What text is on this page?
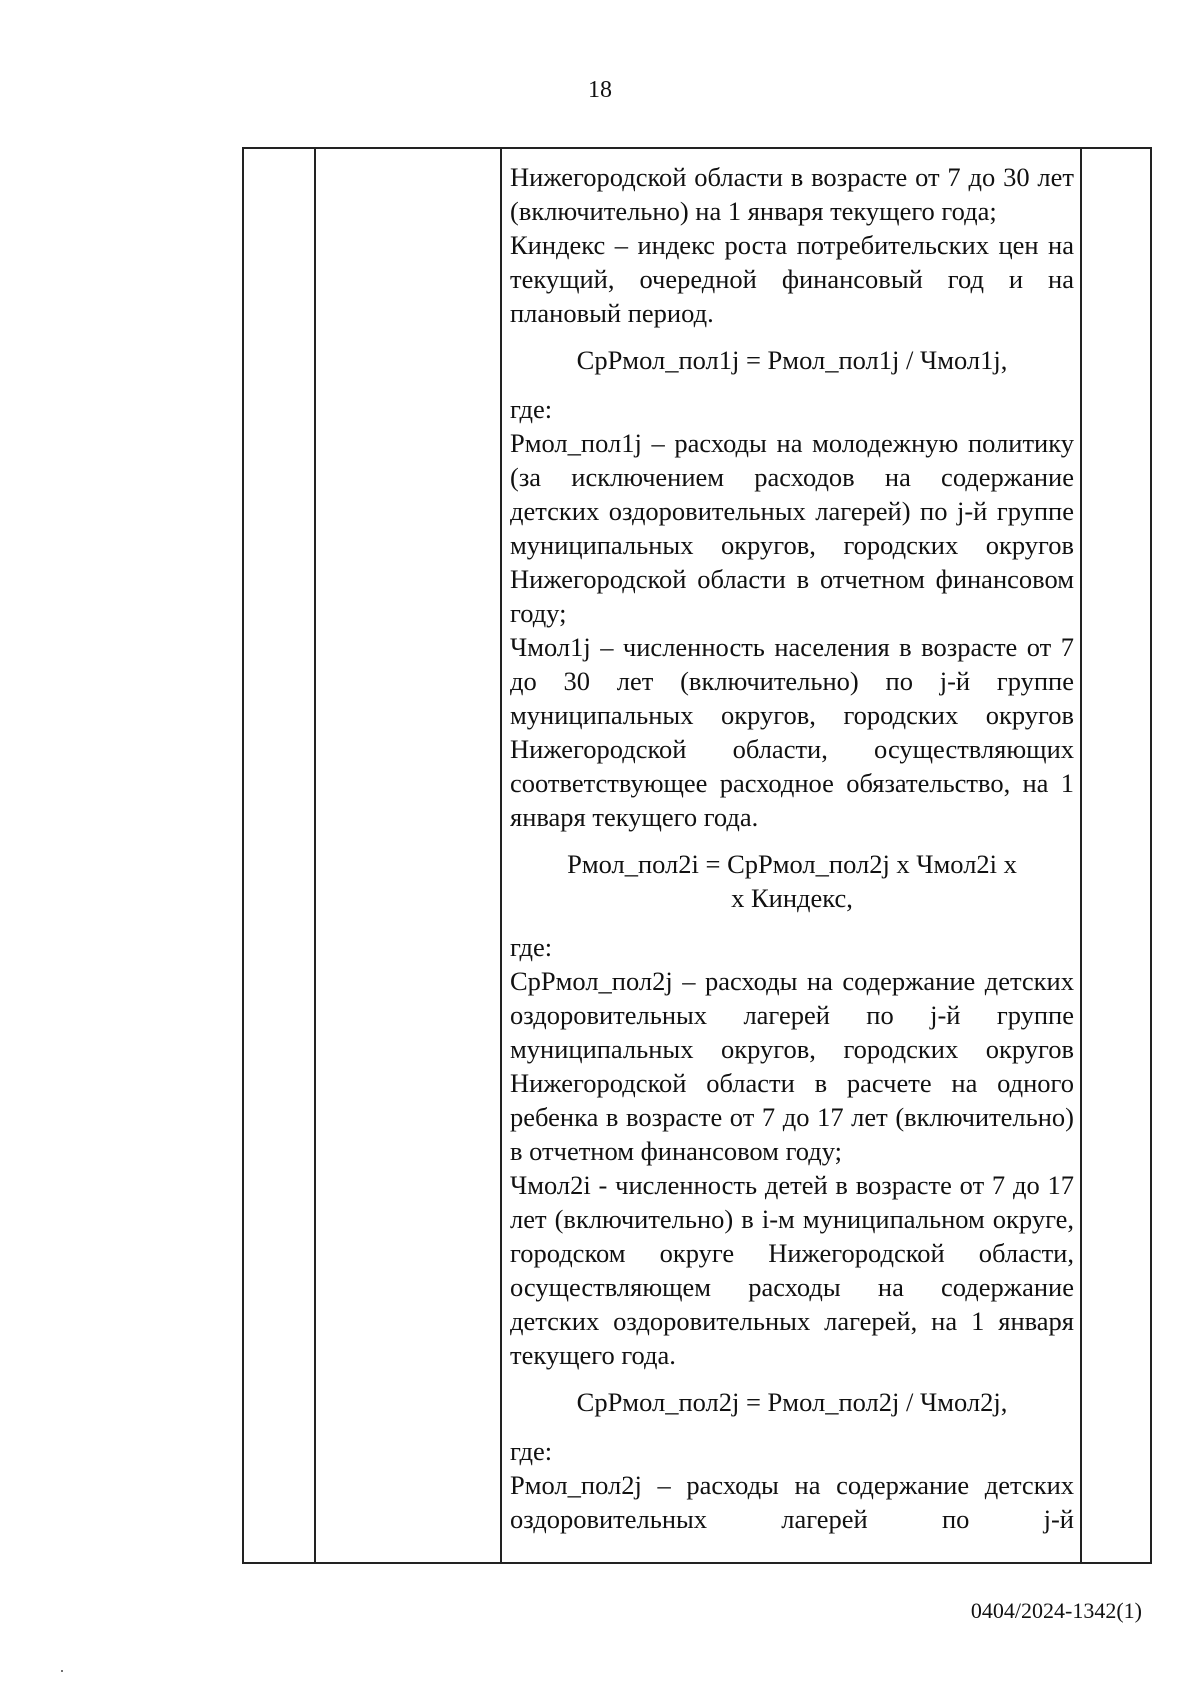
18

Нижегородской области в возрасте от 7 до 30 лет (включительно) на 1 января текущего года;

Киндекс – индекс роста потребительских цен на текущий, очередной финансовый год и на плановый период.

СрРмол_пол1j = Рмол_пол1j / Чмол1j,

где:

Рмол_пол1j – расходы на молодежную политику (за исключением расходов на содержание детских оздоровительных лагерей) по j-й группе муниципальных округов, городских округов Нижегородской области в отчетном финансовом году;

Чмол1j – численность населения в возрасте от 7 до 30 лет (включительно) по j-й группе муниципальных округов, городских округов Нижегородской области, осуществляющих соответствующее расходное обязательство, на 1 января текущего года.

Рмол_пол2i = СрРмол_пол2j x Чмол2i x

x Киндекс,

где:

СрРмол_пол2j – расходы на содержание детских оздоровительных лагерей по j-й группе муниципальных округов, городских округов Нижегородской области в расчете на одного ребенка в возрасте от 7 до 17 лет (включительно) в отчетном финансовом году;

Чмол2i - численность детей в возрасте от 7 до 17 лет (включительно) в i-м муниципальном округе, городском округе Нижегородской области, осуществляющем расходы на содержание детских оздоровительных лагерей, на 1 января текущего года.

СрРмол_пол2j = Рмол_пол2j / Чмол2j,

где:

Рмол_пол2j – расходы на содержание детских оздоровительных лагерей по j-й

0404/2024-1342(1)
